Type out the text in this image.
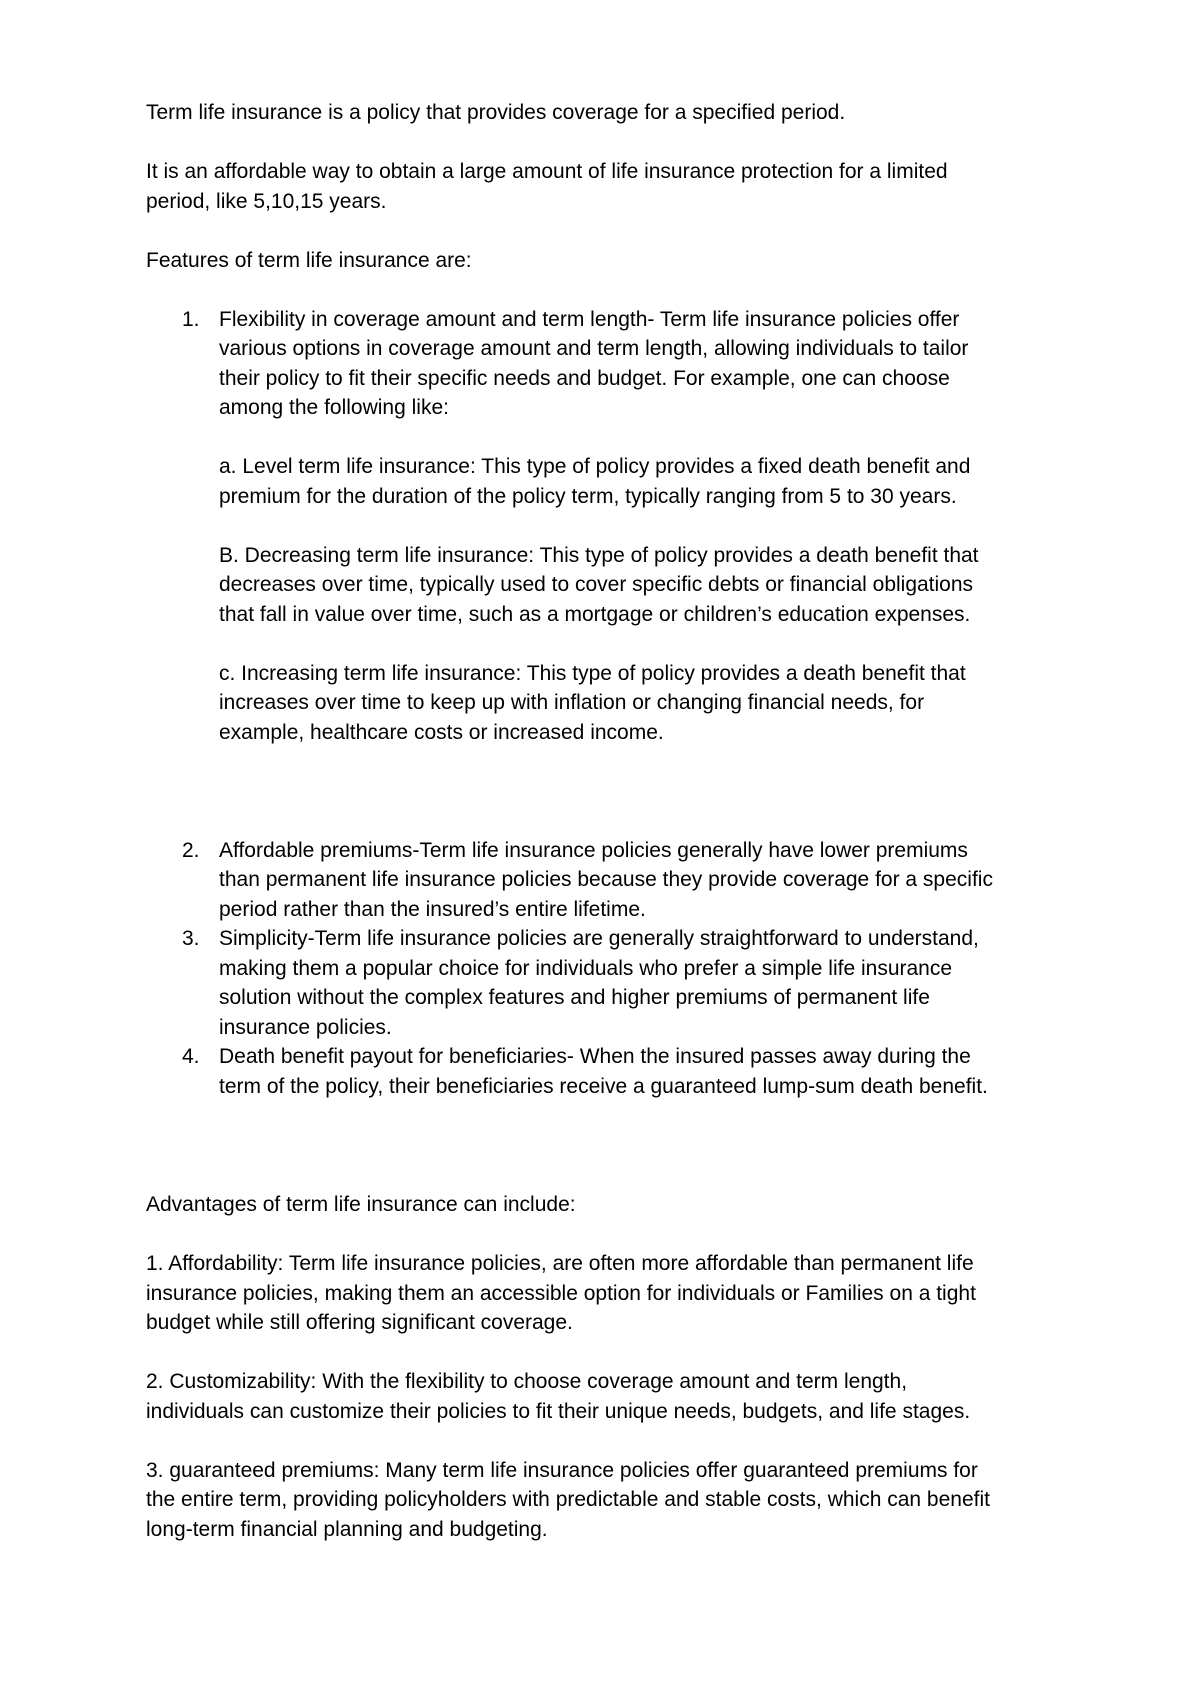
Term life insurance is a policy that provides coverage for a specified period.

It is an affordable way to obtain a large amount of life insurance protection for a limited

period, like 5,10,15 years.

Features of term life insurance are:

1. Flexibility in coverage amount and term length- Term life insurance policies offer

various options in coverage amount and term length, allowing individuals to tailor

their policy to fit their specific needs and budget. For example, one can choose

among the following like:

a. Level term life insurance: This type of policy provides a fixed death benefit and

premium for the duration of the policy term, typically ranging from 5 to 30 years.

B. Decreasing term life insurance: This type of policy provides a death benefit that

decreases over time, typically used to cover specific debts or financial obligations

that fall in value over time, such as a mortgage or children’s education expenses.

c. Increasing term life insurance: This type of policy provides a death benefit that

increases over time to keep up with inflation or changing financial needs, for

example, healthcare costs or increased income.

2. Affordable premiums-Term life insurance policies generally have lower premiums

than permanent life insurance policies because they provide coverage for a specific

period rather than the insured’s entire lifetime.

3. Simplicity-Term life insurance policies are generally straightforward to understand,

making them a popular choice for individuals who prefer a simple life insurance

solution without the complex features and higher premiums of permanent life

insurance policies.

4. Death benefit payout for beneficiaries- When the insured passes away during the

term of the policy, their beneficiaries receive a guaranteed lump-sum death benefit.

Advantages of term life insurance can include:

1. Affordability: Term life insurance policies, are often more affordable than permanent life

insurance policies, making them an accessible option for individuals or Families on a tight

budget while still offering significant coverage.

2. Customizability: With the flexibility to choose coverage amount and term length,

individuals can customize their policies to fit their unique needs, budgets, and life stages.

3. guaranteed premiums: Many term life insurance policies offer guaranteed premiums for

the entire term, providing policyholders with predictable and stable costs, which can benefit

long-term financial planning and budgeting.
